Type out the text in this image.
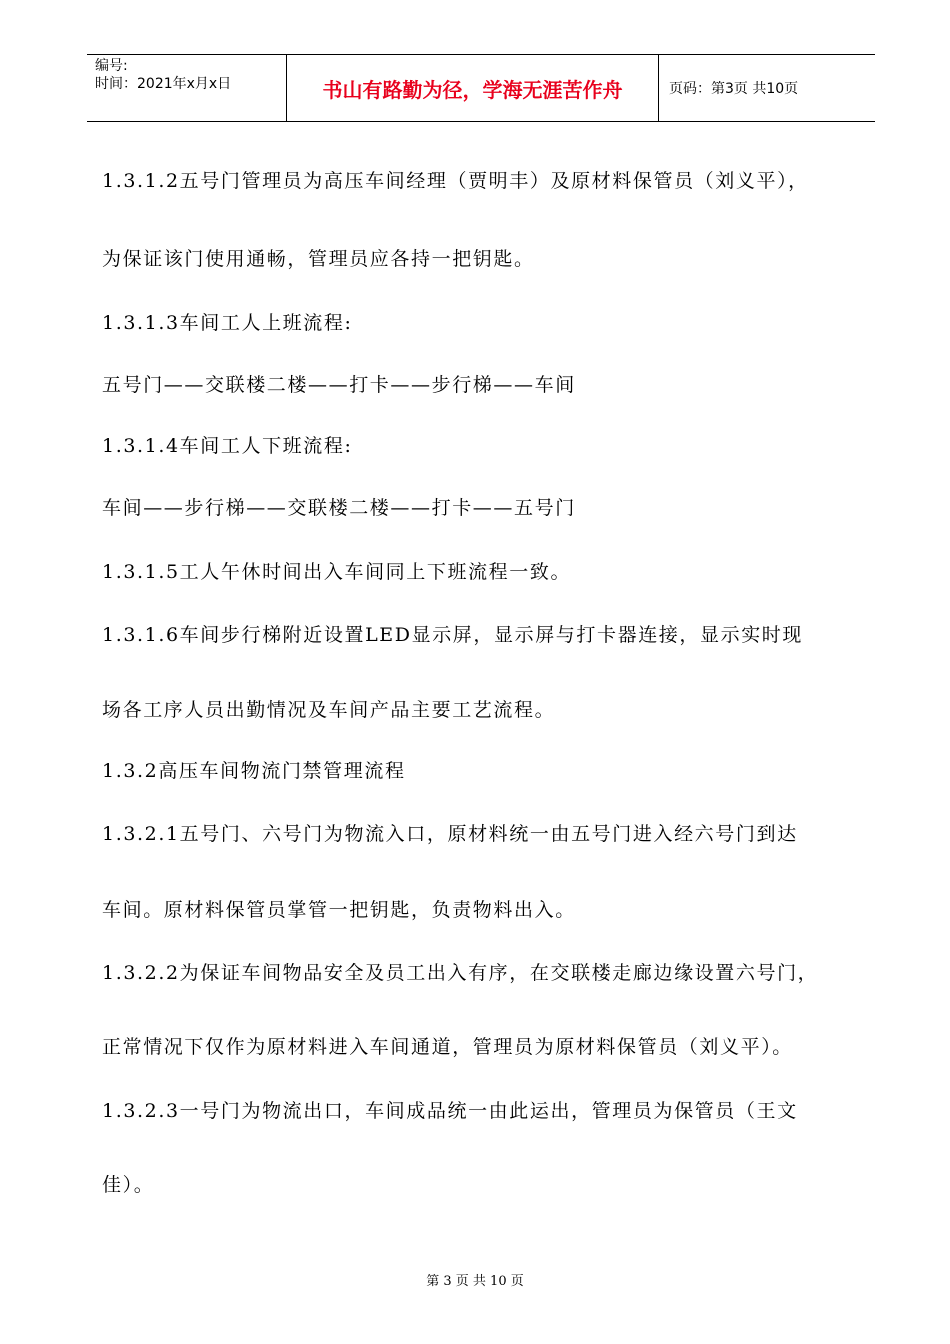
编号:
时间：2021年x月x日	书山有路勤为径，学海无涯苦作舟	页码：第3页 共10页
1.3.1.2五号门管理员为高压车间经理（贾明丰）及原材料保管员（刘义平），
为保证该门使用通畅，管理员应各持一把钥匙。
1.3.1.3车间工人上班流程:
五号门——交联楼二楼——打卡——步行梯——车间
1.3.1.4车间工人下班流程:
车间——步行梯——交联楼二楼——打卡——五号门
1.3.1.5工人午休时间出入车间同上下班流程一致。
1.3.1.6车间步行梯附近设置LED显示屏，显示屏与打卡器连接，显示实时现
场各工序人员出勤情况及车间产品主要工艺流程。
1.3.2高压车间物流门禁管理流程
1.3.2.1五号门、六号门为物流入口，原材料统一由五号门进入经六号门到达
车间。原材料保管员掌管一把钥匙，负责物料出入。
1.3.2.2为保证车间物品安全及员工出入有序，在交联楼走廊边缘设置六号门，
正常情况下仅作为原材料进入车间通道，管理员为原材料保管员（刘义平）。
1.3.2.3一号门为物流出口，车间成品统一由此运出，管理员为保管员（王文
佳）。
第 3 页 共 10 页
